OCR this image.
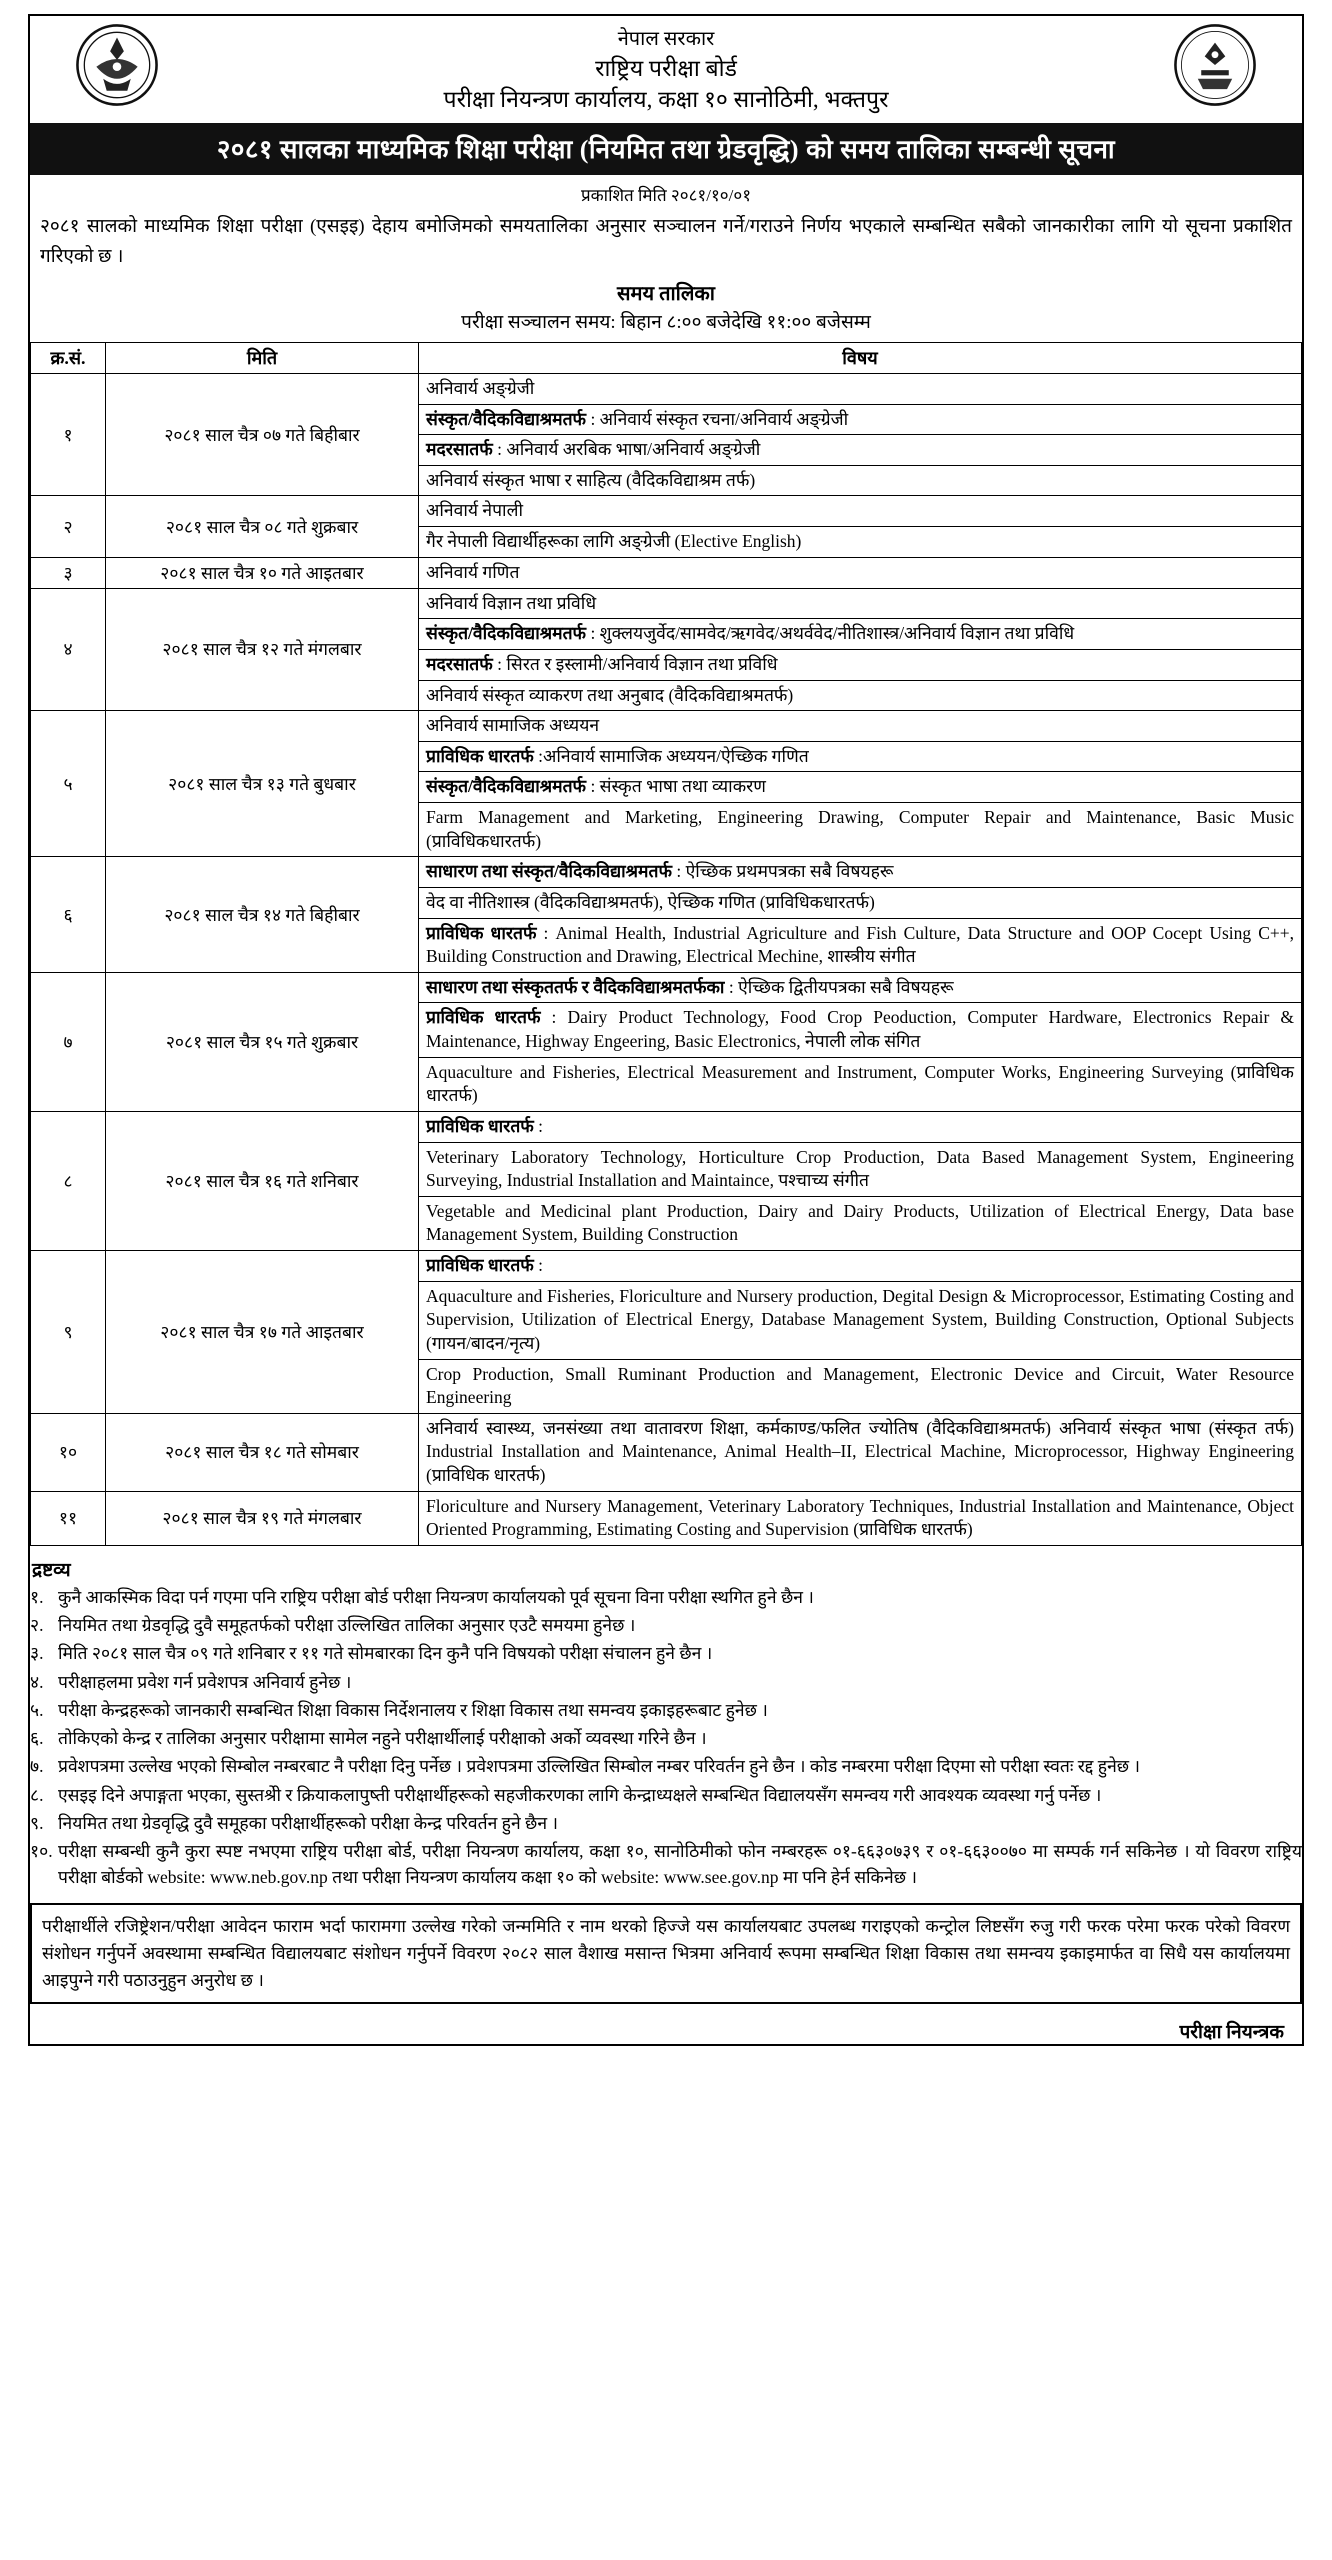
नेपाल सरकार
राष्ट्रिय परीक्षा बोर्ड
परीक्षा नियन्त्रण कार्यालय, कक्षा १० सानोठिमी, भक्तपुर
२०८१ सालका माध्यमिक शिक्षा परीक्षा (नियमित तथा ग्रेडवृद्धि) को समय तालिका सम्बन्धी सूचना
प्रकाशित मिति २०८१/१०/०१
२०८१ सालको माध्यमिक शिक्षा परीक्षा (एसइइ) देहाय बमोजिमको समयतालिका अनुसार सञ्चालन गर्ने/गराउने निर्णय भएकाले सम्बन्धित सबैको जानकारीका लागि यो सूचना प्रकाशित गरिएको छ ।
समय तालिका
परीक्षा सञ्चालन समय: बिहान ८:०० बजेदेखि ११:०० बजेसम्म
क्र.सं.	मिति	विषय
१	२०८१ साल चैत्र ०७ गते बिहीबार	अनिवार्य अङ्ग्रेजी
संस्कृत/वैदिकविद्याश्रमतर्फ : अनिवार्य संस्कृत रचना/अनिवार्य अङ्ग्रेजी
मदरसातर्फ : अनिवार्य अरबिक भाषा/अनिवार्य अङ्ग्रेजी
अनिवार्य संस्कृत भाषा र साहित्य (वैदिकविद्याश्रम तर्फ)

२	२०८१ साल चैत्र ०८ गते शुक्रबार	अनिवार्य नेपाली
गैर नेपाली विद्यार्थीहरूका लागि अङ्ग्रेजी (Elective English)

३	२०८१ साल चैत्र १० गते आइतबार	अनिवार्य गणित

४	२०८१ साल चैत्र १२ गते मंगलबार	अनिवार्य विज्ञान तथा प्रविधि
संस्कृत/वैदिकविद्याश्रमतर्फ : शुक्लयजुर्वेद/सामवेद/ऋगवेद/अथर्ववेद/नीतिशास्त्र/अनिवार्य विज्ञान तथा प्रविधि
मदरसातर्फ : सिरत र इस्लामी/अनिवार्य विज्ञान तथा प्रविधि
अनिवार्य संस्कृत व्याकरण तथा अनुबाद (वैदिकविद्याश्रमतर्फ)

५	२०८१ साल चैत्र १३ गते बुधबार	अनिवार्य सामाजिक अध्ययन
प्राविधिक धारतर्फ :अनिवार्य सामाजिक अध्ययन/ऐच्छिक गणित
संस्कृत/वैदिकविद्याश्रमतर्फ : संस्कृत भाषा तथा व्याकरण
Farm Management and Marketing, Engineering Drawing, Computer Repair and Maintenance, Basic Music (प्राविधिकधारतर्फ)

६	२०८१ साल चैत्र १४ गते बिहीबार	साधारण तथा संस्कृत/वैदिकविद्याश्रमतर्फ : ऐच्छिक प्रथमपत्रका सबै विषयहरू
वेद वा नीतिशास्त्र (वैदिकविद्याश्रमतर्फ), ऐच्छिक गणित (प्राविधिकधारतर्फ)
प्राविधिक धारतर्फ : Animal Health, Industrial Agriculture and Fish Culture, Data Structure and OOP Cocept Using C++, Building Construction and Drawing, Electrical Mechine, शास्त्रीय संगीत

७	२०८१ साल चैत्र १५ गते शुक्रबार	साधारण तथा संस्कृततर्फ र वैदिकविद्याश्रमतर्फका : ऐच्छिक द्वितीयपत्रका सबै विषयहरू
प्राविधिक धारतर्फ : Dairy Product Technology, Food Crop Peoduction, Computer Hardware, Electronics Repair & Maintenance, Highway Engeering, Basic Electronics, नेपाली लोक संगित
Aquaculture and Fisheries, Electrical Measurement and Instrument, Computer Works, Engineering Surveying (प्राविधिक धारतर्फ)

८	२०८१ साल चैत्र १६ गते शनिबार	प्राविधिक धारतर्फ :
Veterinary Laboratory Technology, Horticulture Crop Production, Data Based Management System, Engineering Surveying, Industrial Installation and Maintaince, पश्चाच्य संगीत
Vegetable and Medicinal plant Production, Dairy and Dairy Products, Utilization of Electrical Energy, Data base Management System, Building Construction

९	२०८१ साल चैत्र १७ गते आइतबार	प्राविधिक धारतर्फ :
Aquaculture and Fisheries, Floriculture and Nursery production, Degital Design & Microprocessor, Estimating Costing and Supervision, Utilization of Electrical Energy, Database Management System, Building Construction, Optional Subjects (गायन/बादन/नृत्य)
Crop Production, Small Ruminant Production and Management, Electronic Device and Circuit, Water Resource Engineering

१०	२०८१ साल चैत्र १८ गते सोमबार	अनिवार्य स्वास्थ्य, जनसंख्या तथा वातावरण शिक्षा, कर्मकाण्ड/फलित ज्योतिष (वैदिकविद्याश्रमतर्फ) अनिवार्य संस्कृत भाषा (संस्कृत तर्फ) Industrial Installation and Maintenance, Animal Health–II, Electrical Machine, Microprocessor, Highway Engineering (प्राविधिक धारतर्फ)

११	२०८१ साल चैत्र १९ गते मंगलबार	Floriculture and Nursery Management, Veterinary Laboratory Techniques, Industrial Installation and Maintenance, Object Oriented Programming, Estimating Costing and Supervision (प्राविधिक धारतर्फ)
द्रष्टव्य
१. कुनै आकस्मिक विदा पर्न गएमा पनि राष्ट्रिय परीक्षा बोर्ड परीक्षा नियन्त्रण कार्यालयको पूर्व सूचना विना परीक्षा स्थगित हुने छैन ।
२. नियमित तथा ग्रेडवृद्धि दुवै समूहतर्फको परीक्षा उल्लिखित तालिका अनुसार एउटै समयमा हुनेछ ।
३. मिति २०८१ साल चैत्र ०९ गते शनिबार र ११ गते सोमबारका दिन कुनै पनि विषयको परीक्षा संचालन हुने छैन ।
४. परीक्षाहलमा प्रवेश गर्न प्रवेशपत्र अनिवार्य हुनेछ ।
५. परीक्षा केन्द्रहरूको जानकारी सम्बन्धित शिक्षा विकास निर्देशनालय र शिक्षा विकास तथा समन्वय इकाइहरूबाट हुनेछ ।
६. तोकिएको केन्द्र र तालिका अनुसार परीक्षामा सामेल नहुने परीक्षार्थीलाई परीक्षाको अर्को व्यवस्था गरिने छैन ।
७. प्रवेशपत्रमा उल्लेख भएको सिम्बोल नम्बरबाट नै परीक्षा दिनु पर्नेछ । प्रवेशपत्रमा उल्लिखित सिम्बोल नम्बर परिवर्तन हुने छैन । कोड नम्बरमा परीक्षा दिएमा सो परीक्षा स्वतः रद्द हुनेछ ।
८. एसइइ दिने अपाङ्गता भएका, सुस्तश्रेी र क्रियाकलापुष्ती परीक्षार्थीहरूको सहजीकरणका लागि केन्द्राध्यक्षले सम्बन्धित विद्यालयसँग समन्वय गरी आवश्यक व्यवस्था गर्नु पर्नेछ ।
९. नियमित तथा ग्रेडवृद्धि दुवै समूहका परीक्षार्थीहरूको परीक्षा केन्द्र परिवर्तन हुने छैन ।
१०. परीक्षा सम्बन्धी कुनै कुरा स्पष्ट नभएमा राष्ट्रिय परीक्षा बोर्ड, परीक्षा नियन्त्रण कार्यालय, कक्षा १०, सानोठिमीको फोन नम्बरहरू ०१-६६३०७३९ र ०१-६६३००७० मा सम्पर्क गर्न सकिनेछ । यो विवरण राष्ट्रिय परीक्षा बोर्डको website: www.neb.gov.np तथा परीक्षा नियन्त्रण कार्यालय कक्षा १० को website: www.see.gov.np मा पनि हेर्न सकिनेछ ।
परीक्षार्थीले रजिष्ट्रेशन/परीक्षा आवेदन फाराम भर्दा फारामगा उल्लेख गरेको जन्ममिति र नाम थरको हिज्जे यस कार्यालयबाट उपलब्ध गराइएको कन्ट्रोल लिष्टसँग रुजु गरी फरक परेमा फरक परेको विवरण संशोधन गर्नुपर्ने अवस्थामा सम्बन्धित विद्यालयबाट संशोधन गर्नुपर्ने विवरण २०८२ साल वैशाख मसान्त भित्रमा अनिवार्य रूपमा सम्बन्धित शिक्षा विकास तथा समन्वय इकाइमार्फत वा सिधै यस कार्यालयमा आइपुग्ने गरी पठाउनुहुन अनुरोध छ ।
परीक्षा नियन्त्रक
